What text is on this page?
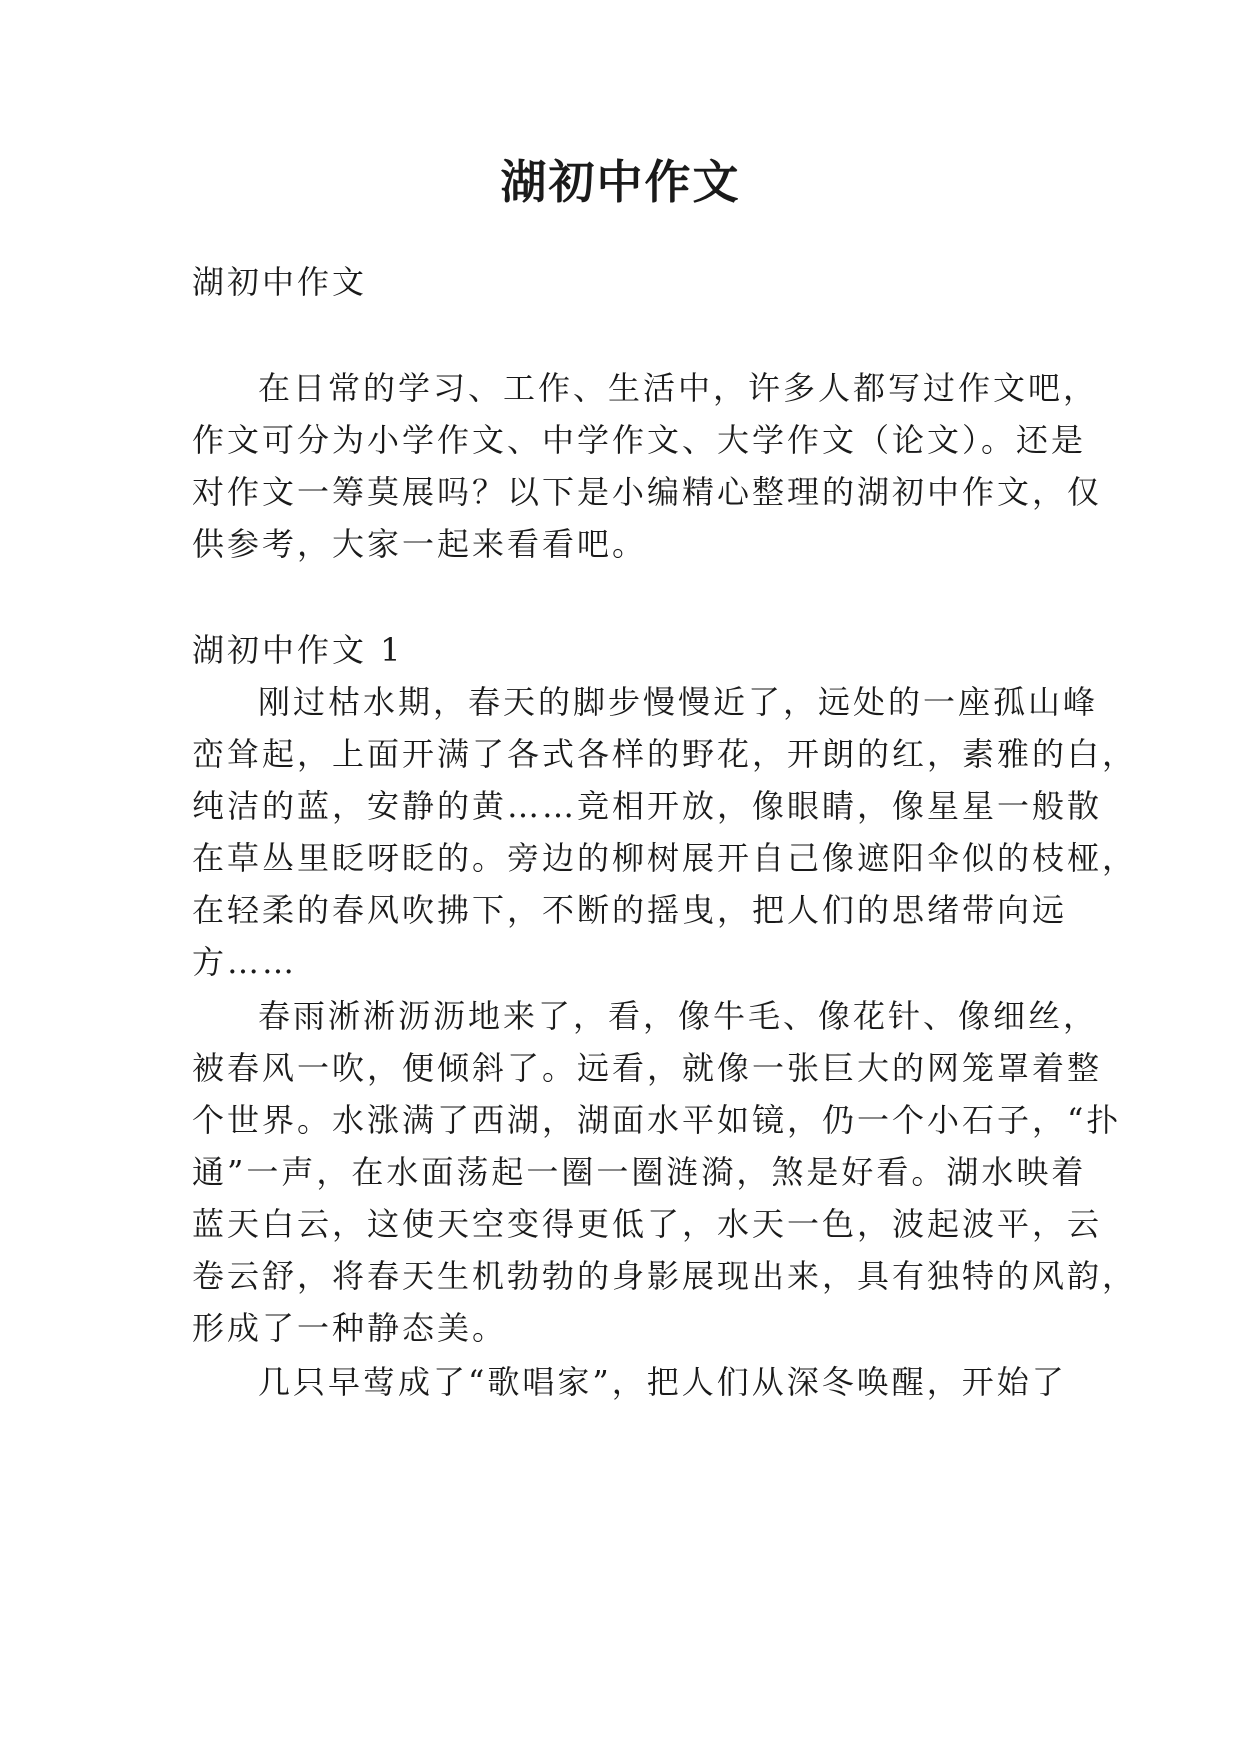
湖初中作文

湖初中作文

在日常的学习、工作、生活中，许多人都写过作文吧，

作文可分为小学作文、中学作文、大学作文（论文）。还是

对作文一筹莫展吗？以下是小编精心整理的湖初中作文，仅

供参考，大家一起来看看吧。

湖初中作文 1

刚过枯水期，春天的脚步慢慢近了，远处的一座孤山峰

峦耸起，上面开满了各式各样的野花，开朗的红，素雅的白，

纯洁的蓝，安静的黄……竞相开放，像眼睛，像星星一般散

在草丛里眨呀眨的。旁边的柳树展开自己像遮阳伞似的枝桠，

在轻柔的春风吹拂下，不断的摇曳，把人们的思绪带向远

方……

春雨淅淅沥沥地来了，看，像牛毛、像花针、像细丝，

被春风一吹，便倾斜了。远看，就像一张巨大的网笼罩着整

个世界。水涨满了西湖，湖面水平如镜，仍一个小石子，“扑

通”一声，在水面荡起一圈一圈涟漪，煞是好看。湖水映着

蓝天白云，这使天空变得更低了，水天一色，波起波平，云

卷云舒，将春天生机勃勃的身影展现出来，具有独特的风韵，

形成了一种静态美。

几只早莺成了“歌唱家”，把人们从深冬唤醒，开始了
